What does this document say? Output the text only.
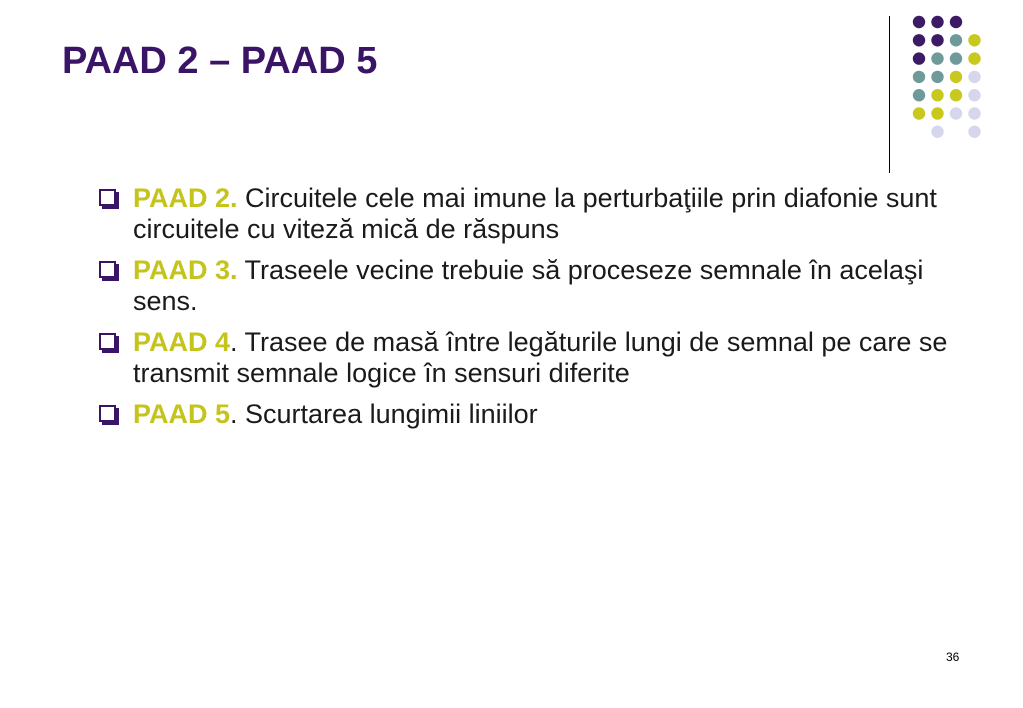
PAAD 2 – PAAD 5
PAAD 2. Circuitele cele mai imune la perturbaţiile prin diafonie sunt circuitele cu viteză mică de răspuns
PAAD 3. Traseele vecine trebuie să proceseze semnale în acelaşi sens.
PAAD 4. Trasee de masă între legăturile lungi de semnal pe care se transmit semnale logice în sensuri diferite
PAAD 5. Scurtarea lungimii liniilor
36
